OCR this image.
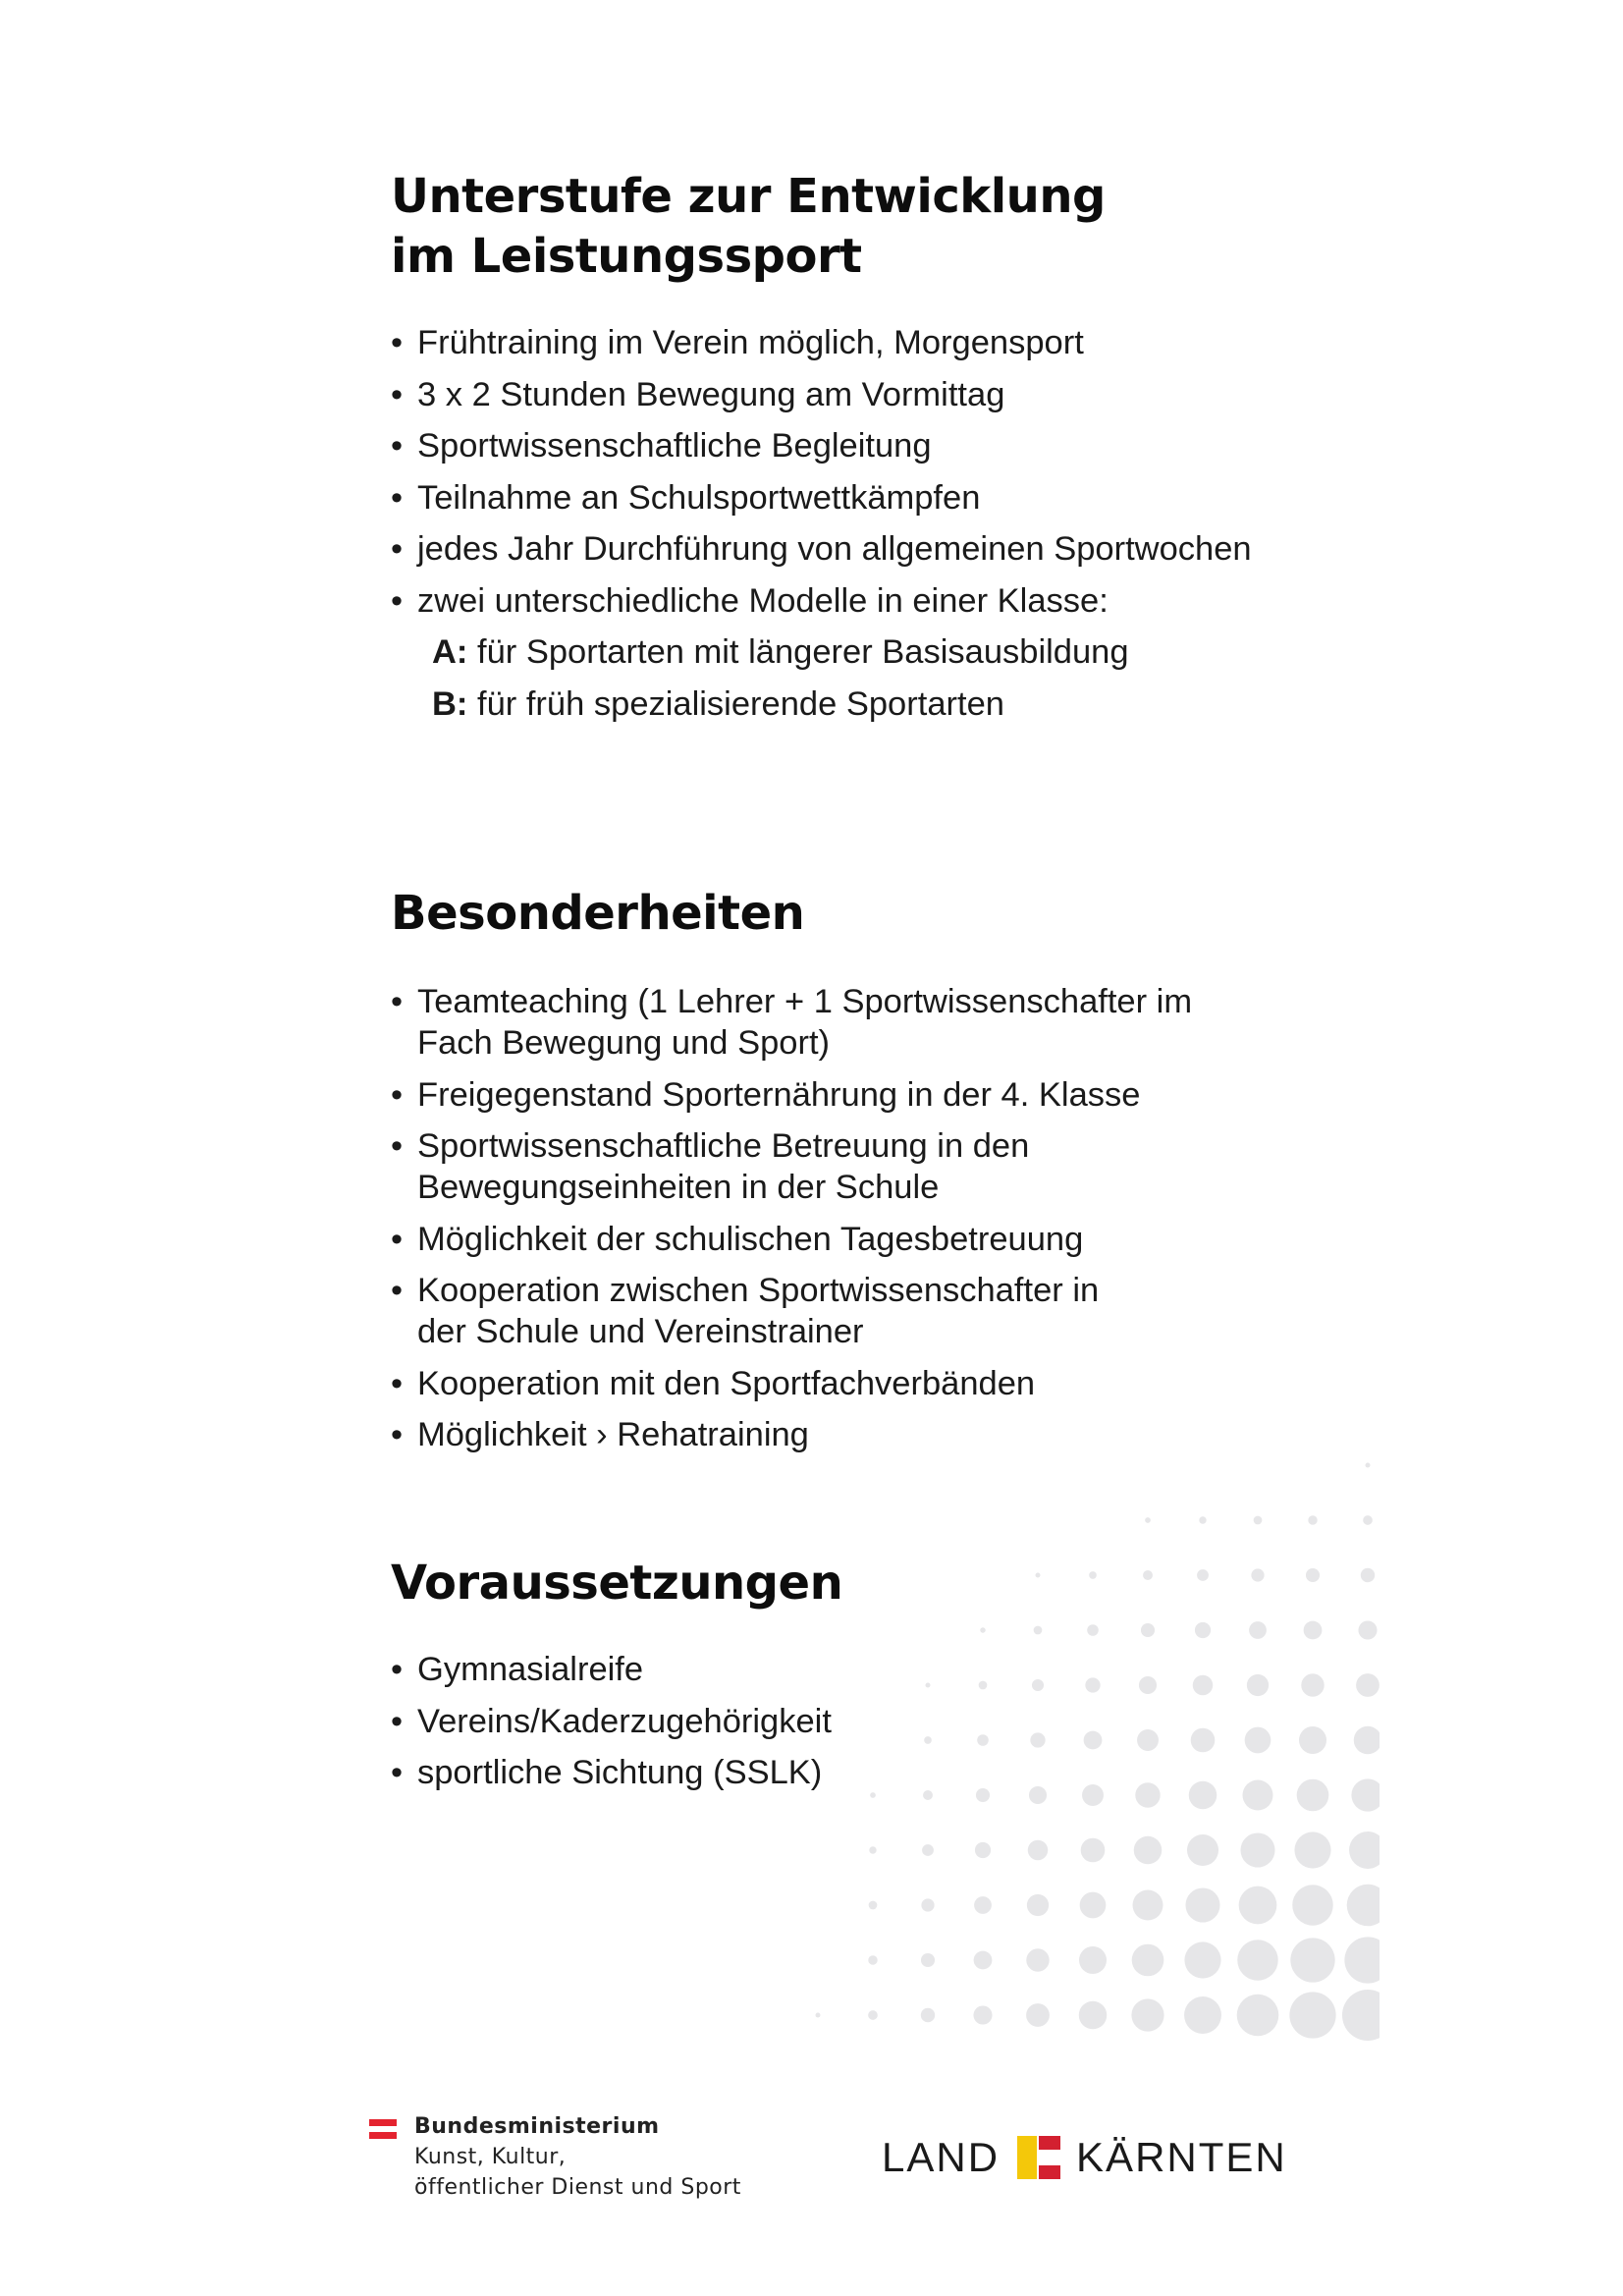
Unterstufe zur Entwicklung
im Leistungssport
• Frühtraining im Verein möglich, Morgensport
• 3 x 2 Stunden Bewegung am Vormittag
• Sportwissenschaftliche Begleitung
• Teilnahme an Schulsportwettkämpfen
• jedes Jahr Durchführung von allgemeinen Sportwochen
• zwei unterschiedliche Modelle in einer Klasse:
A: für Sportarten mit längerer Basisausbildung
B: für früh spezialisierende Sportarten
Besonderheiten
• Teamteaching (1 Lehrer + 1 Sportwissenschafter im
Fach Bewegung und Sport)
• Freigegenstand Sporternährung in der 4. Klasse
• Sportwissenschaftliche Betreuung in den
Bewegungseinheiten in der Schule
• Möglichkeit der schulischen Tagesbetreuung
• Kooperation zwischen Sportwissenschafter in
der Schule und Vereinstrainer
• Kooperation mit den Sportfachverbänden
• Möglichkeit › Rehatraining
Voraussetzungen
• Gymnasialreife
• Vereins/Kaderzugehörigkeit
• sportliche Sichtung (SSLK)
Bundesministerium
Kunst, Kultur,
öffentlicher Dienst und Sport
LAND KÄRNTEN
